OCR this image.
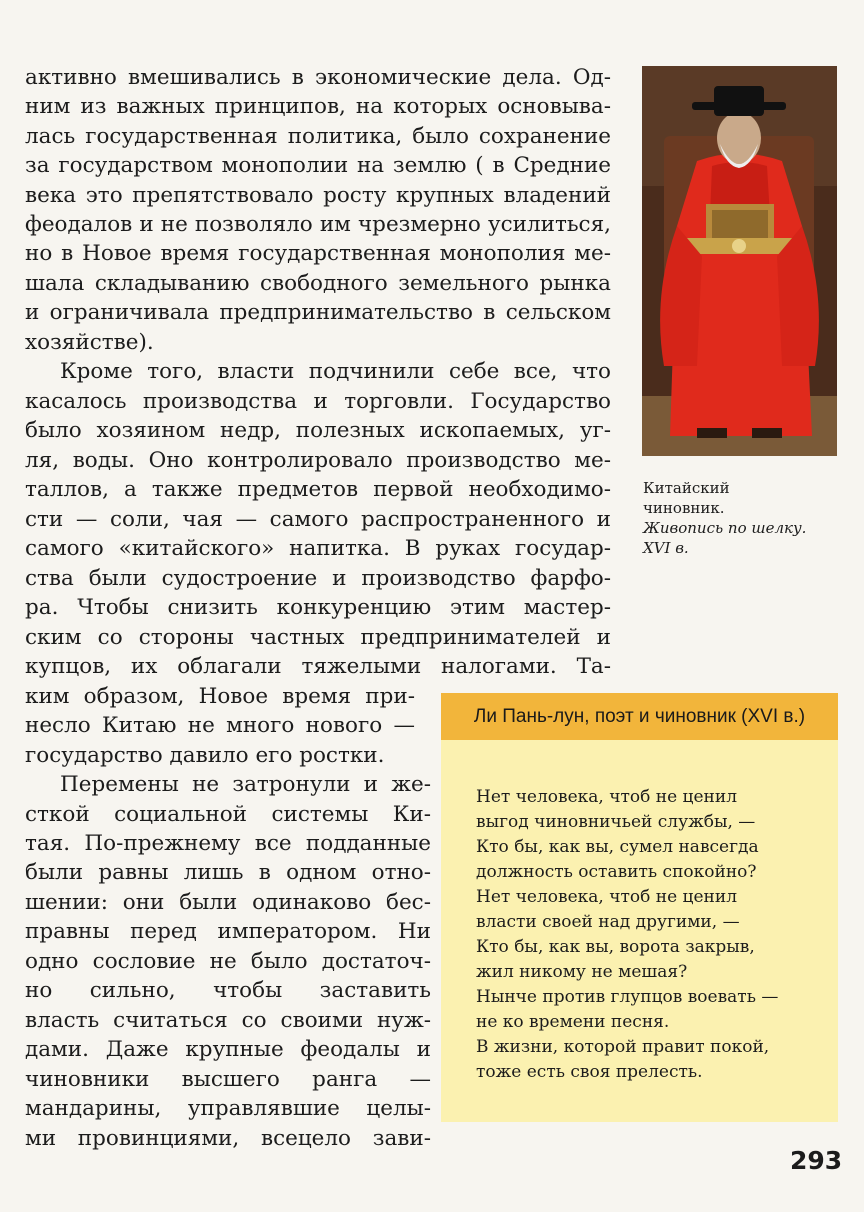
активно вмешивались в экономические дела. Од-
ним из важных принципов, на которых основыва-
лась государственная политика, было сохранение
за государством монополии на землю ( в Средние
века это препятствовало росту крупных владений
феодалов и не позволяло им чрезмерно усилиться,
но в Новое время государственная монополия ме-
шала складыванию свободного земельного рынка
и ограничивала предпринимательство в сельском
хозяйстве).
Кроме того, власти подчинили себе все, что
касалось производства и торговли. Государство
было хозяином недр, полезных ископаемых, уг-
ля, воды. Оно контролировало производство ме-
таллов, а также предметов первой необходимо-
сти — соли, чая — самого распространенного и
самого «китайского» напитка. В руках государ-
ства были судостроение и производство фарфо-
ра. Чтобы снизить конкуренцию этим мастер-
ским со стороны частных предпринимателей и
купцов, их облагали тяжелыми налогами. Та-
ким образом, Новое время при-
несло Китаю не много нового —
государство давило его ростки.
Перемены не затронули и же-
сткой социальной системы Ки-
тая. По-прежнему все подданные
были равны лишь в одном отно-
шении: они были одинаково бес-
правны перед императором. Ни
одно сословие не было достаточ-
но сильно, чтобы заставить
власть считаться со своими нуж-
дами. Даже крупные феодалы и
чиновники высшего ранга —
мандарины, управлявшие целы-
ми провинциями, всецело зави-
Китайский
чиновник.
Живопись по шелку.
XVI в.
Ли Пань-лун, поэт и чиновник (XVI в.)
Нет человека, чтоб не ценил
выгод чиновничьей службы, —
Кто бы, как вы, сумел навсегда
должность оставить спокойно?
Нет человека, чтоб не ценил
власти своей над другими, —
Кто бы, как вы, ворота закрыв,
жил никому не мешая?
Нынче против глупцов воевать —
не ко времени песня.
В жизни, которой правит покой,
тоже есть своя прелесть.
293
